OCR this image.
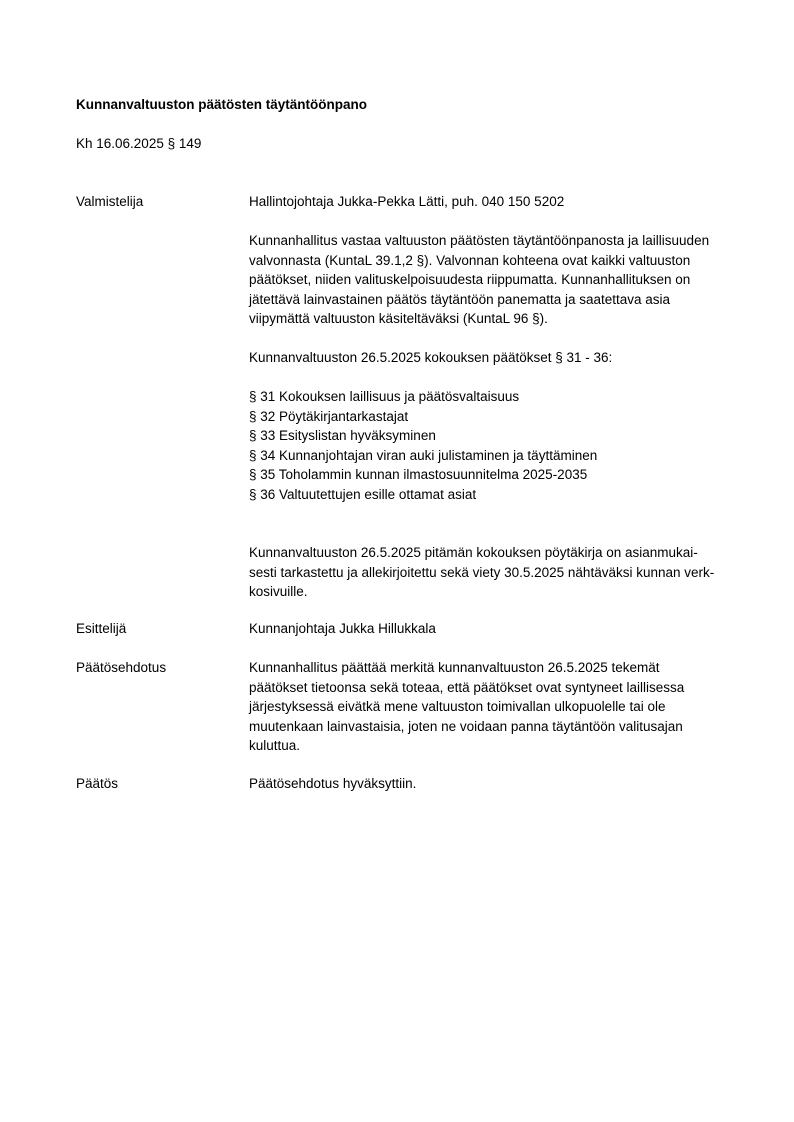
Kunnanvaltuuston päätösten täytäntöönpano
Kh 16.06.2025 § 149
Valmistelija	Hallintojohtaja Jukka-Pekka Lätti, puh. 040 150 5202
Kunnanhallitus vastaa valtuuston päätösten täytäntöönpanosta ja laillisuuden
valvonnasta (KuntaL 39.1,2 §). Valvonnan kohteena ovat kaikki valtuuston
päätökset, niiden valituskelpoisuudesta riippumatta. Kunnanhallituksen on
jätettävä lainvastainen päätös täytäntöön panematta ja saatettava asia
viipymättä valtuuston käsiteltäväksi (KuntaL 96 §).
Kunnanvaltuuston 26.5.2025 kokouksen päätökset § 31 - 36:
§ 31 Kokouksen laillisuus ja päätösvaltaisuus
§ 32 Pöytäkirjantarkastajat
§ 33 Esityslistan hyväksyminen
§ 34 Kunnanjohtajan viran auki julistaminen ja täyttäminen
§ 35 Toholammin kunnan ilmastosuunnitelma 2025-2035
§ 36 Valtuutettujen esille ottamat asiat
Kunnanvaltuuston 26.5.2025 pitämän kokouksen pöytäkirja on asianmukai-
sesti tarkastettu ja allekirjoitettu sekä viety 30.5.2025 nähtäväksi kunnan verk-
kosivuille.
Esittelijä	Kunnanjohtaja Jukka Hillukkala
Päätösehdotus	Kunnanhallitus päättää merkitä kunnanvaltuuston 26.5.2025 tekemät
päätökset tietoonsa sekä toteaa, että päätökset ovat syntyneet laillisessa
järjestyksessä eivätkä mene valtuuston toimivallan ulkopuolelle tai ole
muutenkaan lainvastaisia, joten ne voidaan panna täytäntöön valitusajan
kuluttua.
Päätös	Päätösehdotus hyväksyttiin.
